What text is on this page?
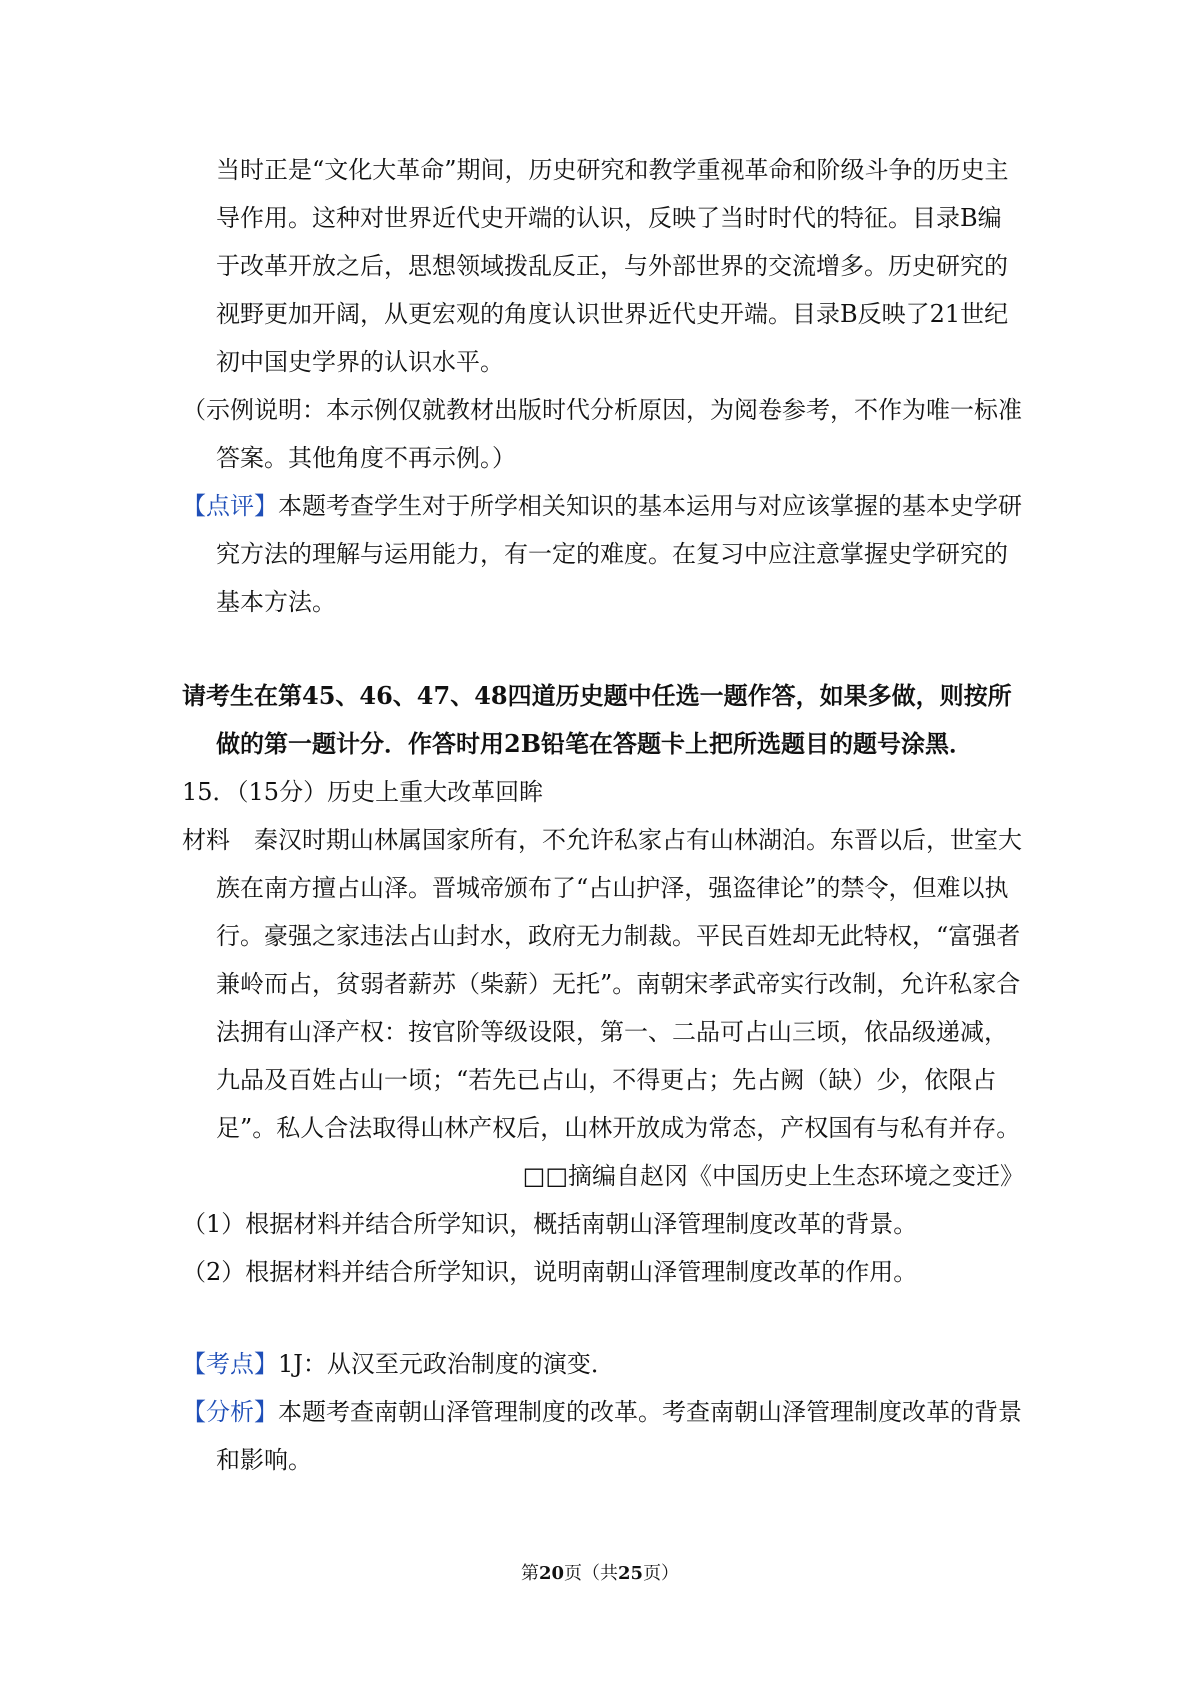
当时正是“文化大革命”期间，历史研究和教学重视革命和阶级斗争的历史主导作用。这种对世界近代史开端的认识，反映了当时时代的特征。目录B编于改革开放之后，思想领域拨乱反正，与外部世界的交流增多。历史研究的视野更加开阔，从更宏观的角度认识世界近代史开端。目录B反映了21世纪初中国史学界的认识水平。

（示例说明：本示例仅就教材出版时代分析原因，为阅卷参考，不作为唯一标准答案。其他角度不再示例。）

【点评】本题考查学生对于所学相关知识的基本运用与对应该掌握的基本史学研究方法的理解与运用能力，有一定的难度。在复习中应注意掌握史学研究的基本方法。

请考生在第45、46、47、48四道历史题中任选一题作答，如果多做，则按所做的第一题计分．作答时用2B铅笔在答题卡上把所选题目的题号涂黑．

15．（15分）历史上重大改革回眸

材料　秦汉时期山林属国家所有，不允许私家占有山林湖泊。东晋以后，世室大族在南方擅占山泽。晋城帝颁布了“占山护泽，强盗律论”的禁令，但难以执行。豪强之家违法占山封水，政府无力制裁。平民百姓却无此特权，“富强者兼岭而占，贫弱者薪苏（柴薪）无托”。南朝宋孝武帝实行改制，允许私家合法拥有山泽产权：按官阶等级设限，第一、二品可占山三顷，依品级递减，九品及百姓占山一顷；“若先已占山，不得更占；先占阙（缺）少，依限占足”。私人合法取得山林产权后，山林开放成为常态，产权国有与私有并存。

□□摘编自赵冈《中国历史上生态环境之变迁》

（1）根据材料并结合所学知识，概括南朝山泽管理制度改革的背景。

（2）根据材料并结合所学知识，说明南朝山泽管理制度改革的作用。

【考点】1J：从汉至元政治制度的演变．

【分析】本题考查南朝山泽管理制度的改革。考查南朝山泽管理制度改革的背景和影响。

第20页（共25页）
